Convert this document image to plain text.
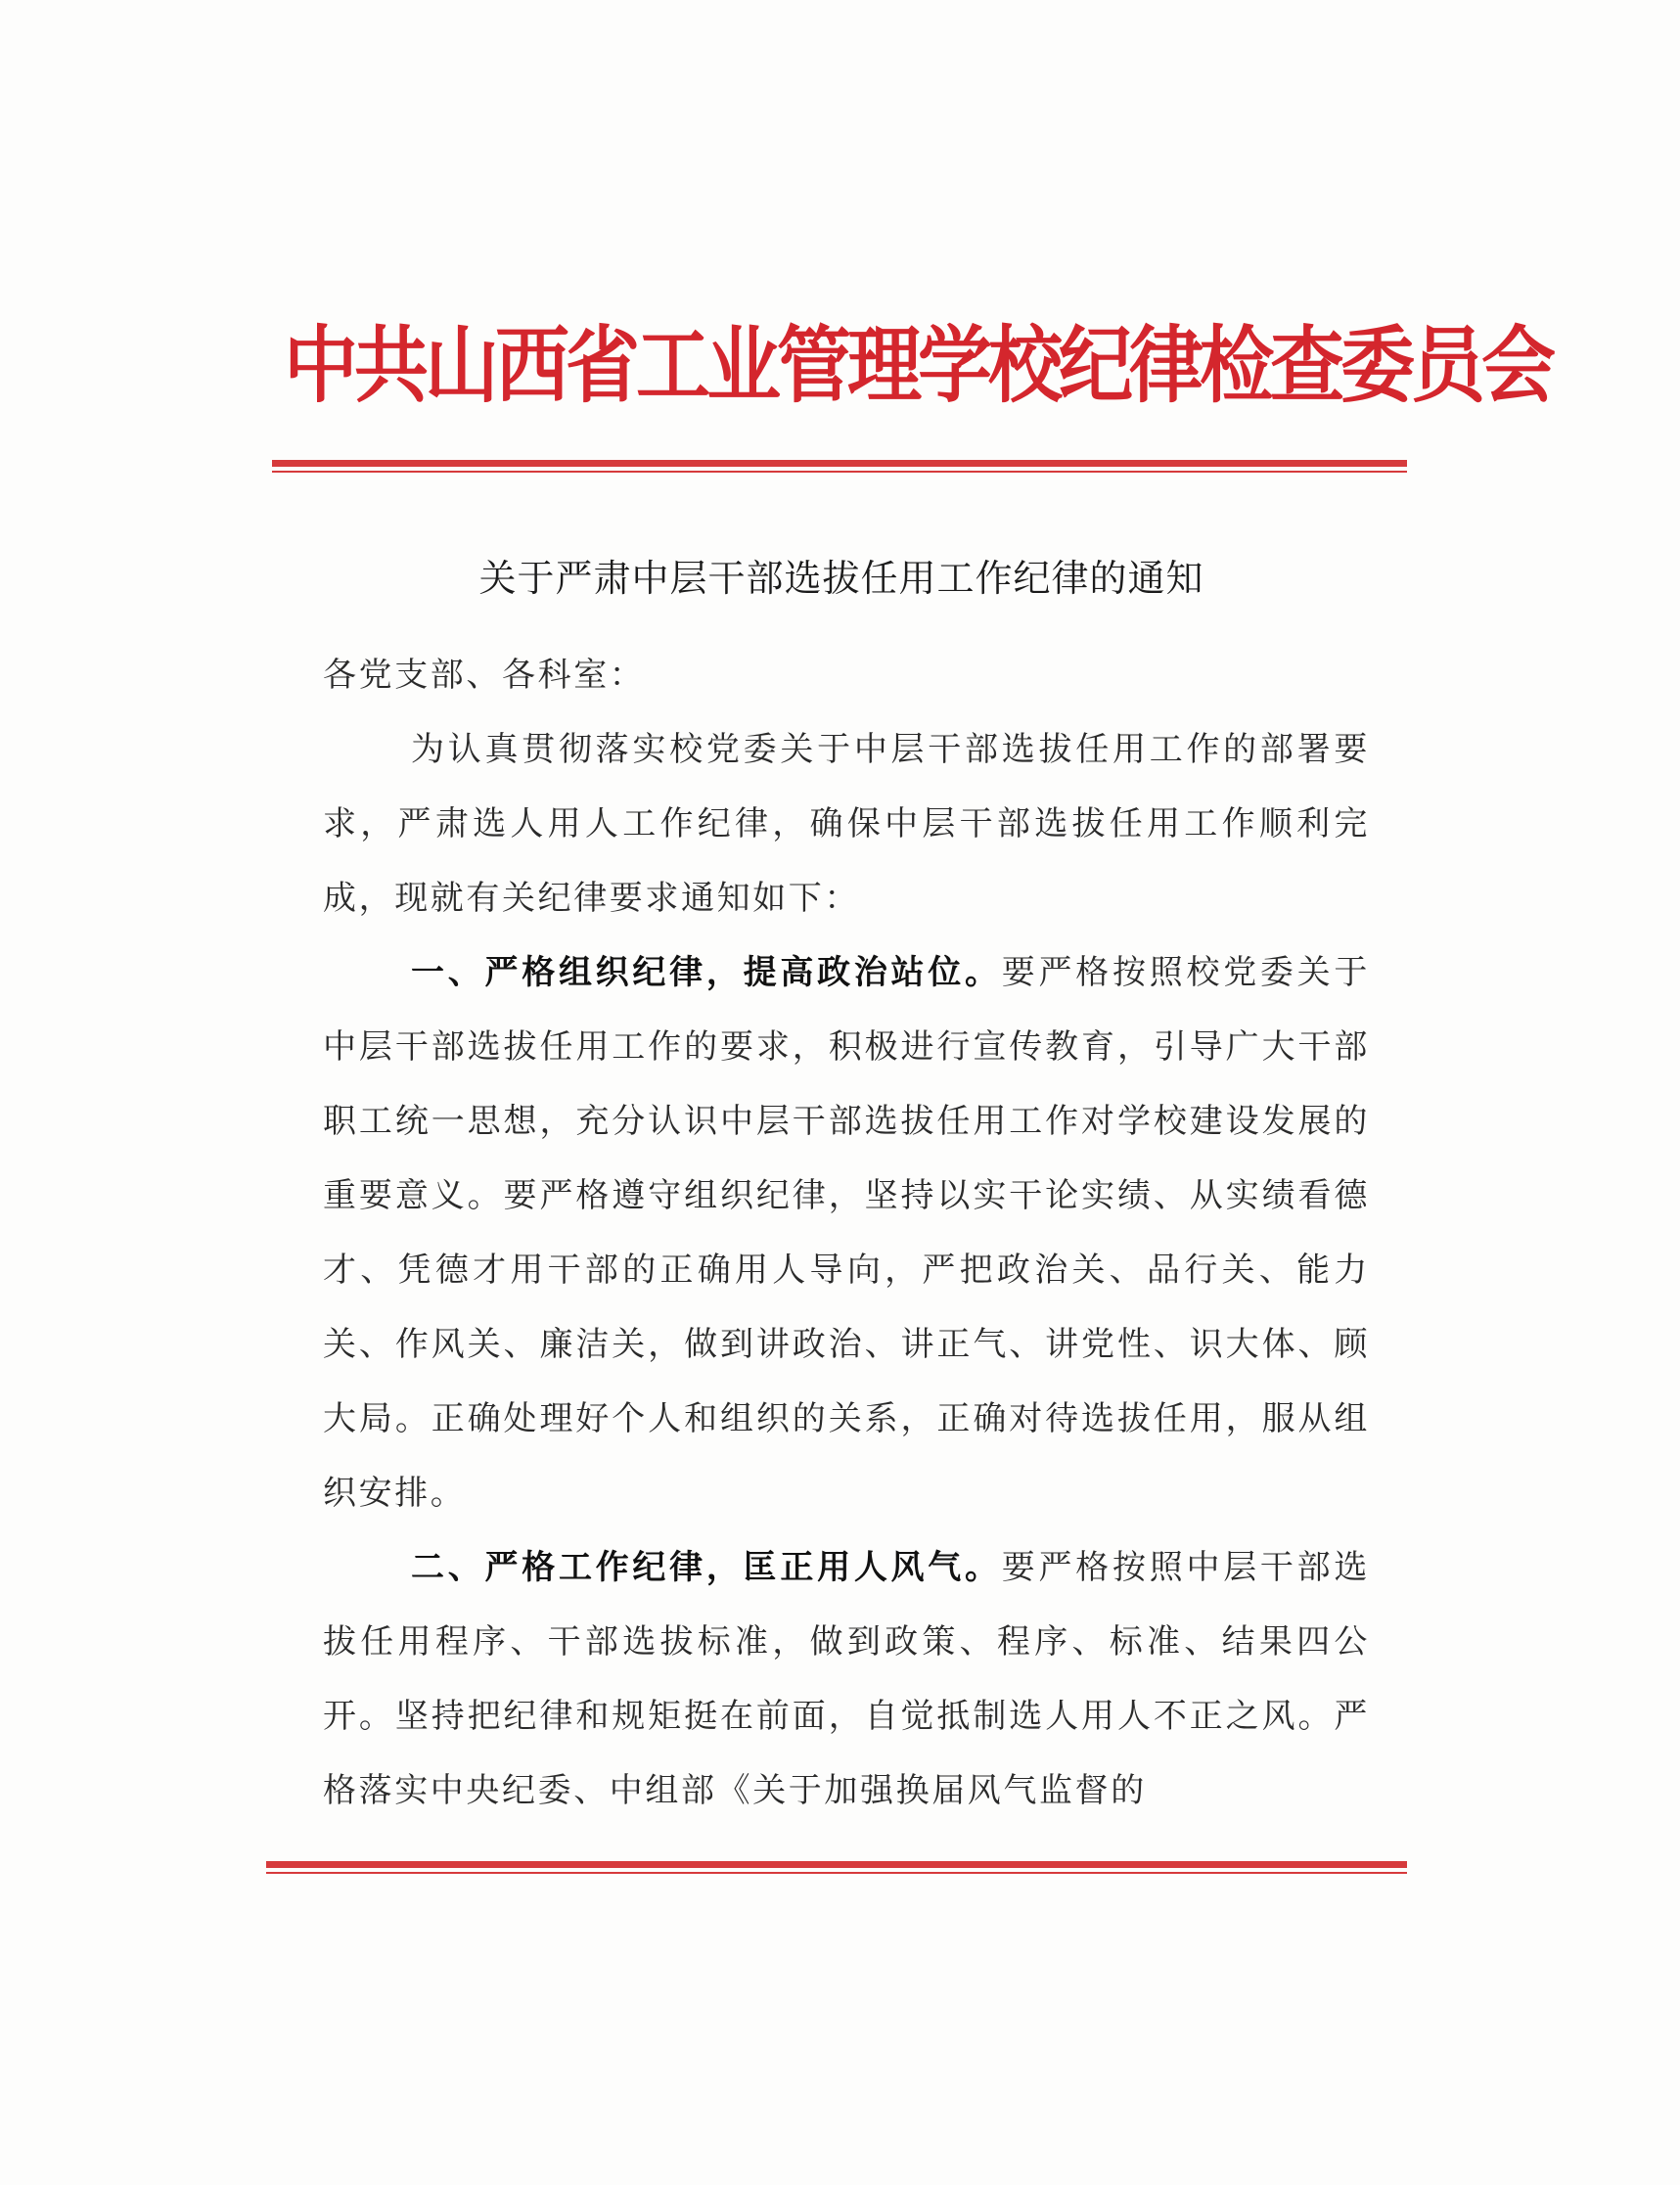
中共山西省工业管理学校纪律检查委员会
关于严肃中层干部选拔任用工作纪律的通知

各党支部、各科室：

为认真贯彻落实校党委关于中层干部选拔任用工作的部署要求，严肃选人用人工作纪律，确保中层干部选拔任用工作顺利完成，现就有关纪律要求通知如下：

一、严格组织纪律，提高政治站位。要严格按照校党委关于中层干部选拔任用工作的要求，积极进行宣传教育，引导广大干部职工统一思想，充分认识中层干部选拔任用工作对学校建设发展的重要意义。要严格遵守组织纪律，坚持以实干论实绩、从实绩看德才、凭德才用干部的正确用人导向，严把政治关、品行关、能力关、作风关、廉洁关，做到讲政治、讲正气、讲党性、识大体、顾大局。正确处理好个人和组织的关系，正确对待选拔任用，服从组织安排。

二、严格工作纪律，匡正用人风气。要严格按照中层干部选拔任用程序、干部选拔标准，做到政策、程序、标准、结果四公开。坚持把纪律和规矩挺在前面，自觉抵制选人用人不正之风。严格落实中央纪委、中组部《关于加强换届风气监督的
